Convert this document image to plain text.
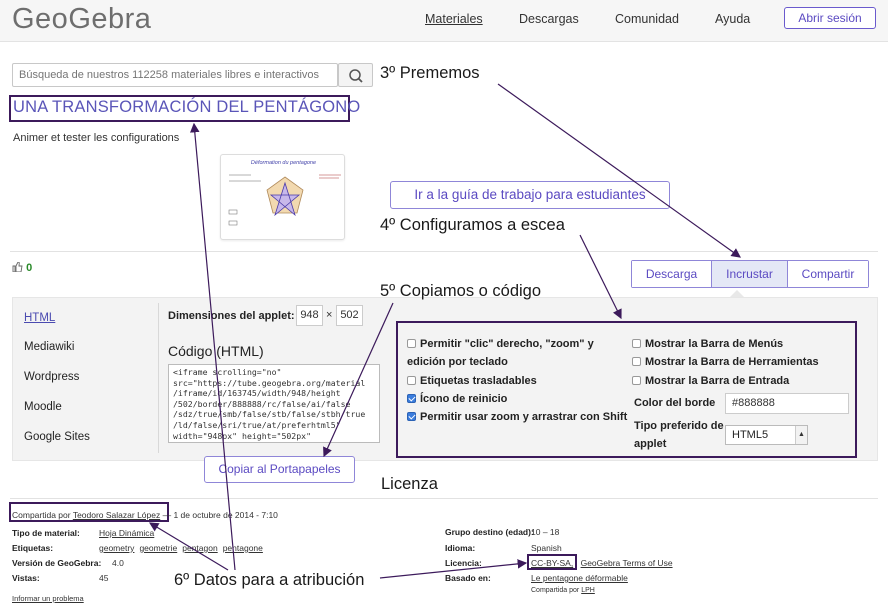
GeoGebra	Materiales	Descargas	Comunidad	Ayuda	Abrir sesión
Búsqueda de nuestros 112258 materiales libres e interactivos
UNA TRANSFORMACIÓN DEL PENTÁGONO
Animer et tester les configurations
Déformation du pentagone
Ir a la guía de trabajo para estudiantes
0	Descarga	Incrustar	Compartir
HTML
Mediawiki
Wordpress
Moodle
Google Sites
Dimensiones del applet: 948 × 502
Código (HTML)
<iframe scrolling="no"
src="https://tube.geogebra.org/material
/iframe/id/163745/width/948/height
/502/border/888888/rc/false/ai/false
/sdz/true/smb/false/stb/false/stbh/true
/ld/false/sri/true/at/preferhtml5"
width="948px" height="502px"
Copiar al Portapapeles
Permitir "clic" derecho, "zoom" y
edición por teclado
Etiquetas trasladables
Ícono de reinicio
Permitir usar zoom y arrastrar con Shift
Mostrar la Barra de Menús
Mostrar la Barra de Herramientas
Mostrar la Barra de Entrada
Color del borde	#888888
Tipo preferido de
applet
HTML5	▲

Compartida por Teodoro Salazar López — 1 de octubre de 2014 - 7:10
Tipo de material: Hoja Dinámica
Etiquetas:	geometry geometrie pentagon pentagone
Versión de GeoGebra: 4.0
Vistas:	45
Informar un problema
Grupo destino (edad):
10 – 18
Idioma:	Spanish
Licencia:	CC-BY-SA, GeoGebra Terms of Use
Basado en:	Le pentagone déformable
Compartida por LPH
3º Prememos
4º Configuramos a escea
5º Copiamos o código
Licenza
6º Datos para a atribución
